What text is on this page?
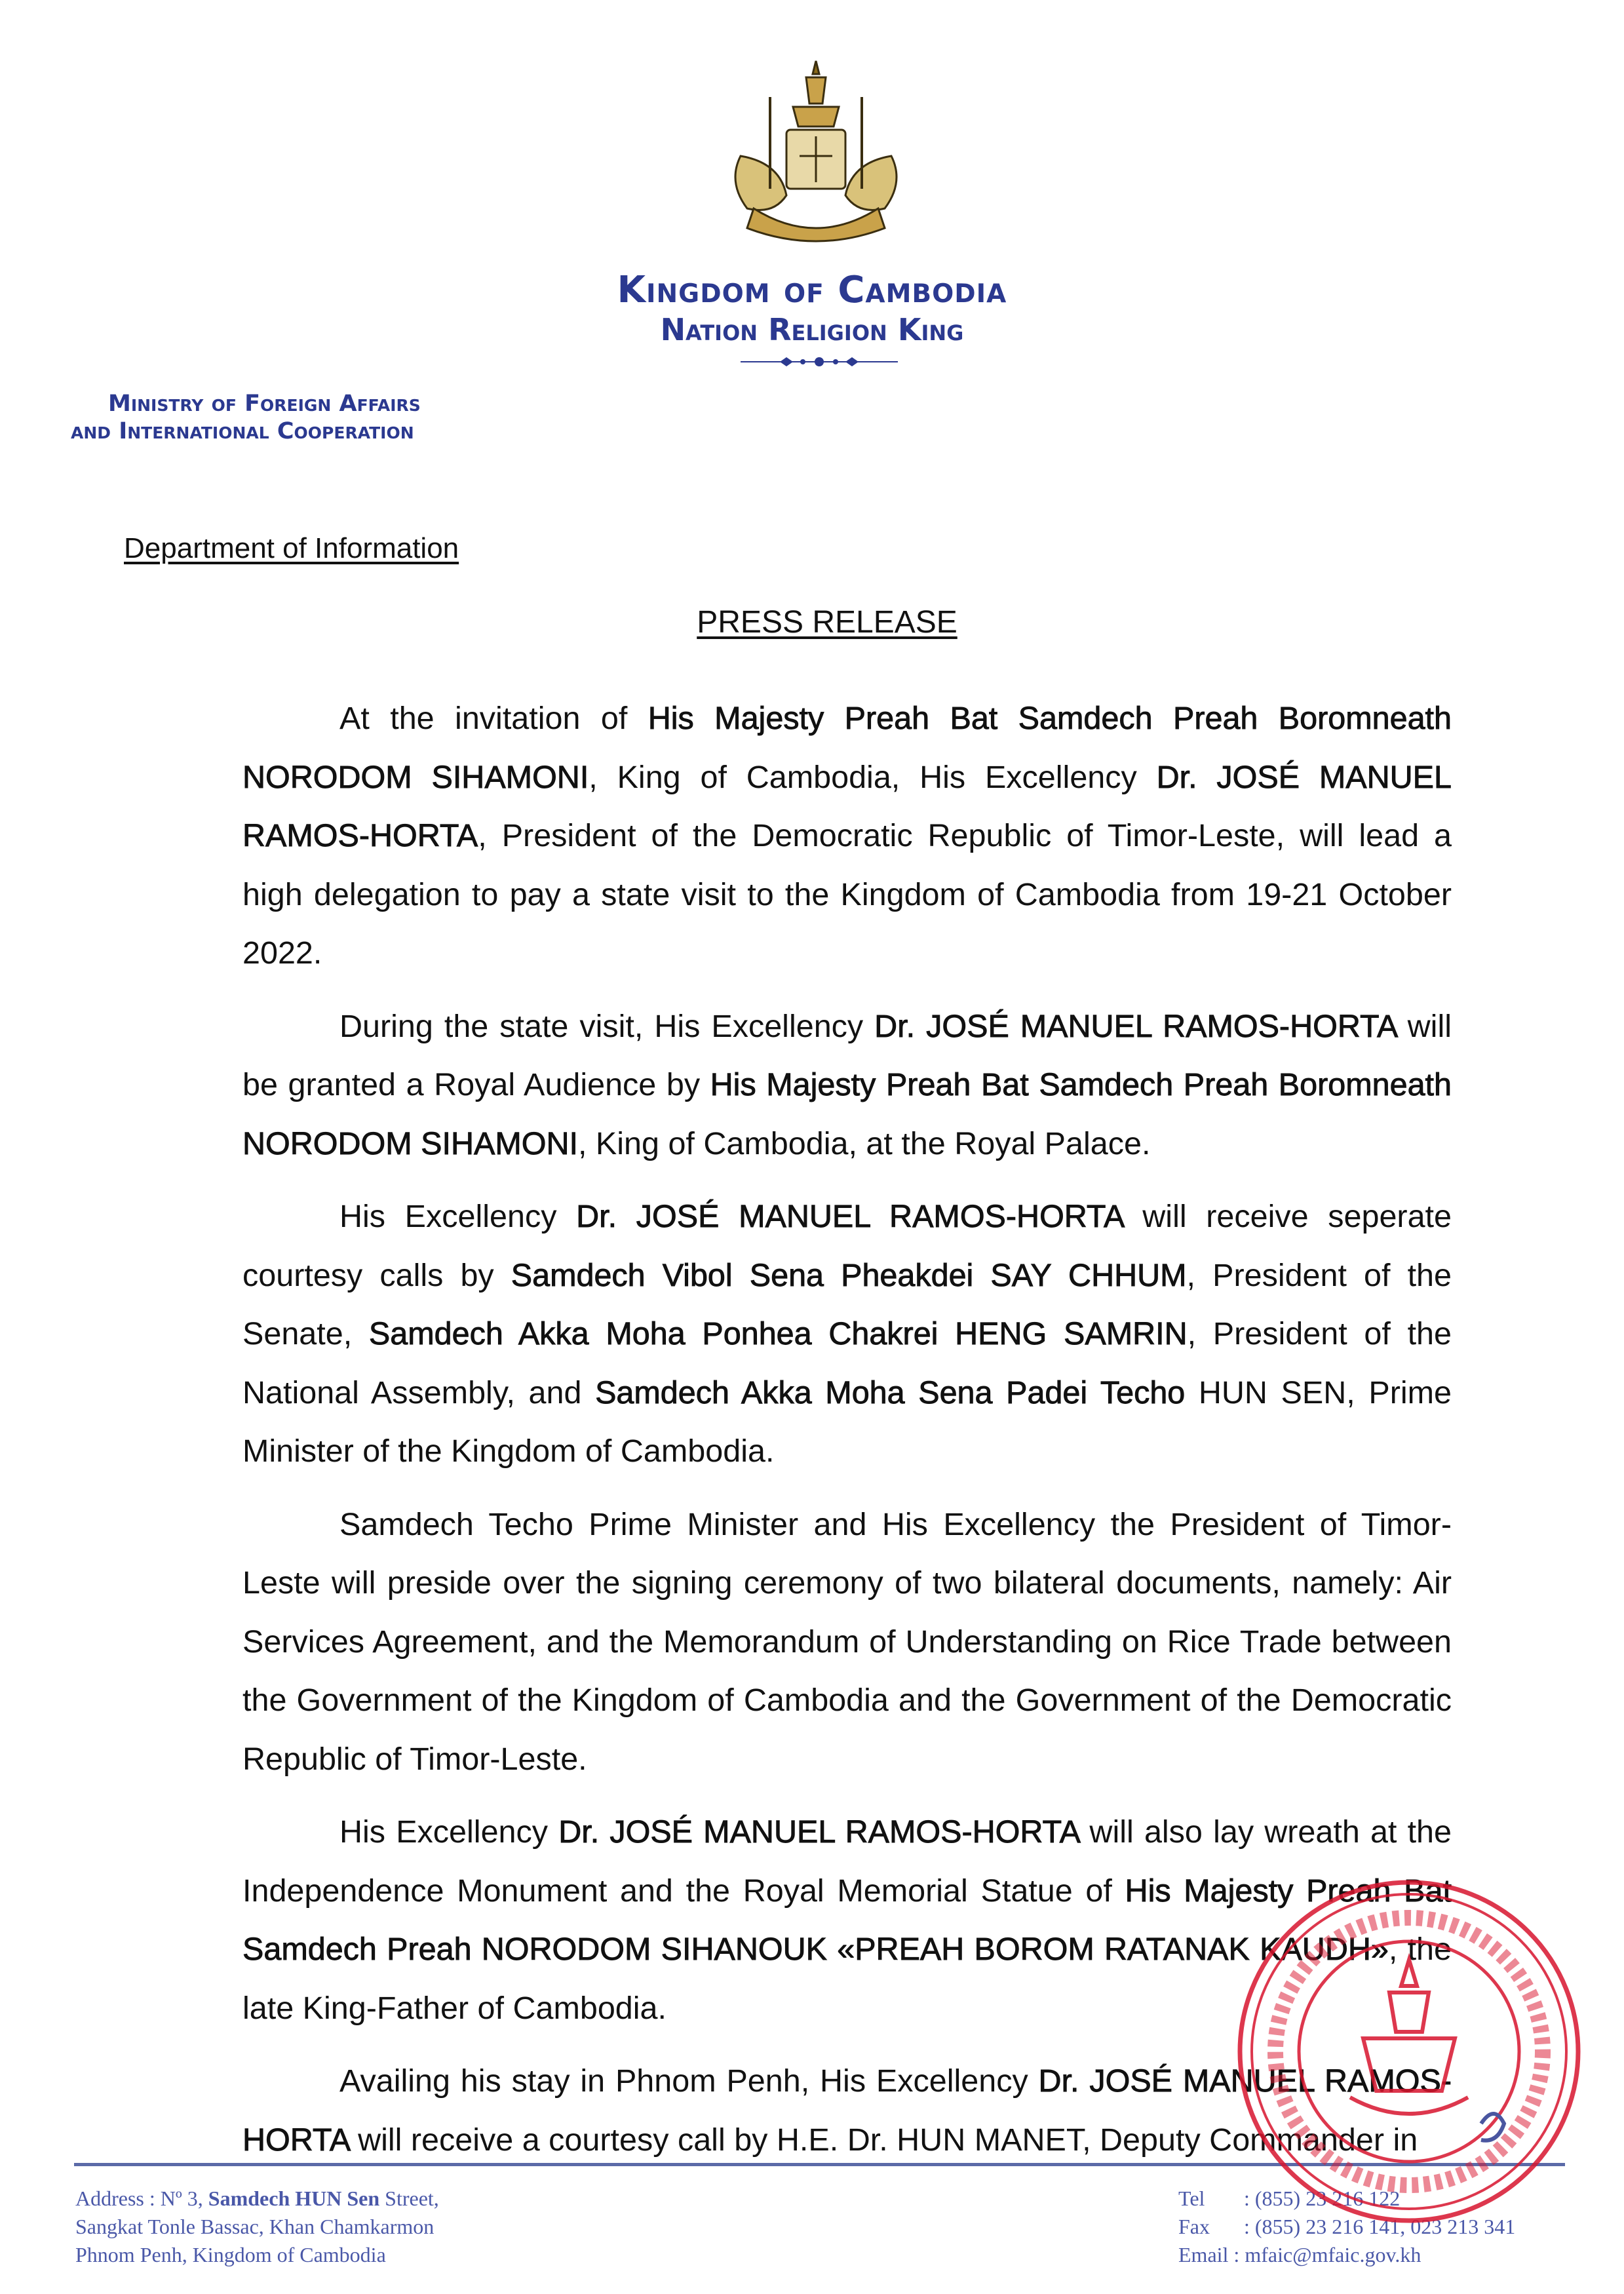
Kingdom of Cambodia
Nation Religion King
Ministry of Foreign Affairs
and International Cooperation
Department of Information
PRESS RELEASE

At the invitation of His Majesty Preah Bat Samdech Preah Boromneath NORODOM SIHAMONI, King of Cambodia, His Excellency Dr. JOSÉ MANUEL RAMOS-HORTA, President of the Democratic Republic of Timor-Leste, will lead a high delegation to pay a state visit to the Kingdom of Cambodia from 19-21 October 2022.

During the state visit, His Excellency Dr. JOSÉ MANUEL RAMOS-HORTA will be granted a Royal Audience by His Majesty Preah Bat Samdech Preah Boromneath NORODOM SIHAMONI, King of Cambodia, at the Royal Palace.

His Excellency Dr. JOSÉ MANUEL RAMOS-HORTA will receive seperate courtesy calls by Samdech Vibol Sena Pheakdei SAY CHHUM, President of the Senate, Samdech Akka Moha Ponhea Chakrei HENG SAMRIN, President of the National Assembly, and Samdech Akka Moha Sena Padei Techo HUN SEN, Prime Minister of the Kingdom of Cambodia.

Samdech Techo Prime Minister and His Excellency the President of Timor-Leste will preside over the signing ceremony of two bilateral documents, namely: Air Services Agreement, and the Memorandum of Understanding on Rice Trade between the Government of the Kingdom of Cambodia and the Government of the Democratic Republic of Timor-Leste.

His Excellency Dr. JOSÉ MANUEL RAMOS-HORTA will also lay wreath at the Independence Monument and the Royal Memorial Statue of His Majesty Preah Bat Samdech Preah NORODOM SIHANOUK «PREAH BOROM RATANAK KAUDH», the late King-Father of Cambodia.

Availing his stay in Phnom Penh, His Excellency Dr. JOSÉ MANUEL RAMOS-HORTA will receive a courtesy call by H.E. Dr. HUN MANET, Deputy Commander in

Address : Nº 3, Samdech HUN Sen Street,
Sangkat Tonle Bassac, Khan Chamkarmon
Phnom Penh, Kingdom of Cambodia
Tel : (855) 23 216 122
Fax : (855) 23 216 141, 023 213 341
Email : mfaic@mfaic.gov.kh
